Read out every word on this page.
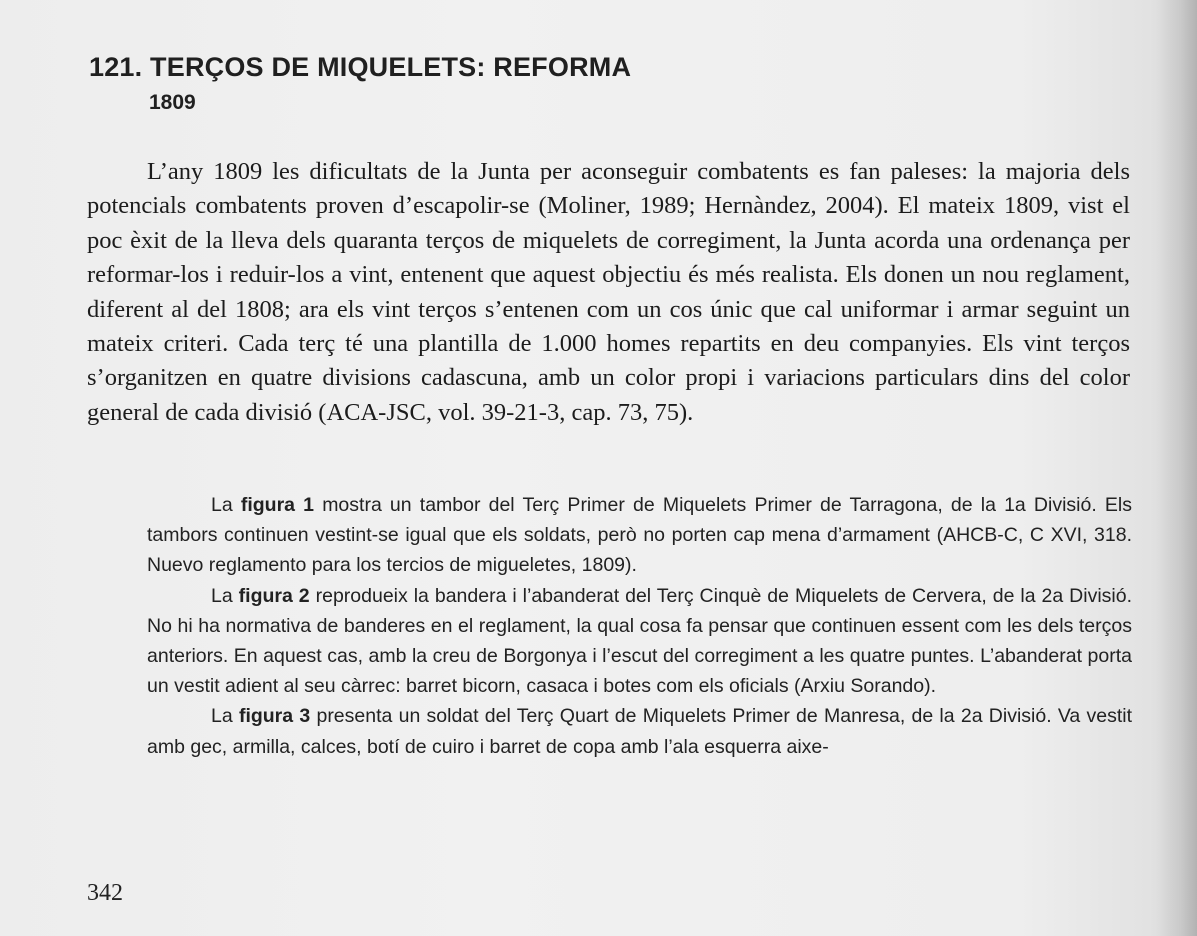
121. TERÇOS DE MIQUELETS: REFORMA
1809

L’any 1809 les dificultats de la Junta per aconseguir combatents es fan paleses: la majoria dels potencials combatents proven d’escapolir-se (Moliner, 1989; Hernàndez, 2004). El mateix 1809, vist el poc èxit de la lleva dels quaranta terços de miquelets de corregiment, la Junta acorda una ordenança per reformar-los i reduir-los a vint, entenent que aquest objectiu és més realista. Els donen un nou reglament, diferent al del 1808; ara els vint terços s’entenen com un cos únic que cal uniformar i armar seguint un mateix criteri. Cada terç té una plantilla de 1.000 homes repartits en deu companyies. Els vint terços s’organitzen en quatre divisions cadascuna, amb un color propi i variacions particulars dins del color general de cada divisió (ACA-JSC, vol. 39-21-3, cap. 73, 75).

La figura 1 mostra un tambor del Terç Primer de Miquelets Primer de Tarragona, de la 1a Divisió. Els tambors continuen vestint-se igual que els soldats, però no porten cap mena d’armament (AHCB-C, C XVI, 318. Nuevo reglamento para los tercios de migueletes, 1809).

La figura 2 reprodueix la bandera i l’abanderat del Terç Cinquè de Miquelets de Cervera, de la 2a Divisió. No hi ha normativa de banderes en el reglament, la qual cosa fa pensar que continuen essent com les dels terços anteriors. En aquest cas, amb la creu de Borgonya i l’escut del corregiment a les quatre puntes. L’abanderat porta un vestit adient al seu càrrec: barret bicorn, casaca i botes com els oficials (Arxiu Sorando).

La figura 3 presenta un soldat del Terç Quart de Miquelets Primer de Manresa, de la 2a Divisió. Va vestit amb gec, armilla, calces, botí de cuiro i barret de copa amb l’ala esquerra aixe-

342
